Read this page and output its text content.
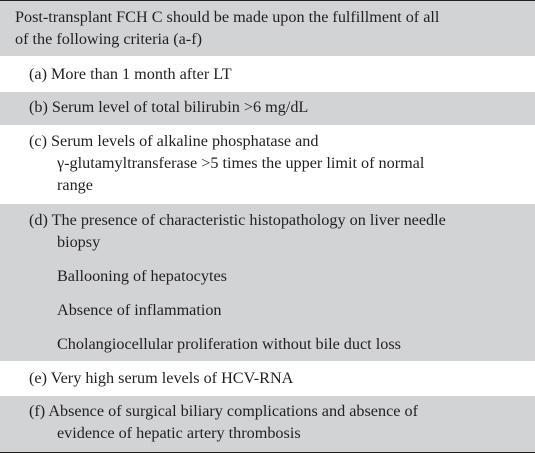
Post-transplant FCH C should be made upon the fulfillment of all
of the following criteria (a-f)
(a) More than 1 month after LT
(b) Serum level of total bilirubin >6 mg/dL
(c) Serum levels of alkaline phosphatase and
γ-glutamyltransferase >5 times the upper limit of normal
range
(d) The presence of characteristic histopathology on liver needle
biopsy
Ballooning of hepatocytes
Absence of inflammation
Cholangiocellular proliferation without bile duct loss
(e) Very high serum levels of HCV-RNA
(f) Absence of surgical biliary complications and absence of
evidence of hepatic artery thrombosis
